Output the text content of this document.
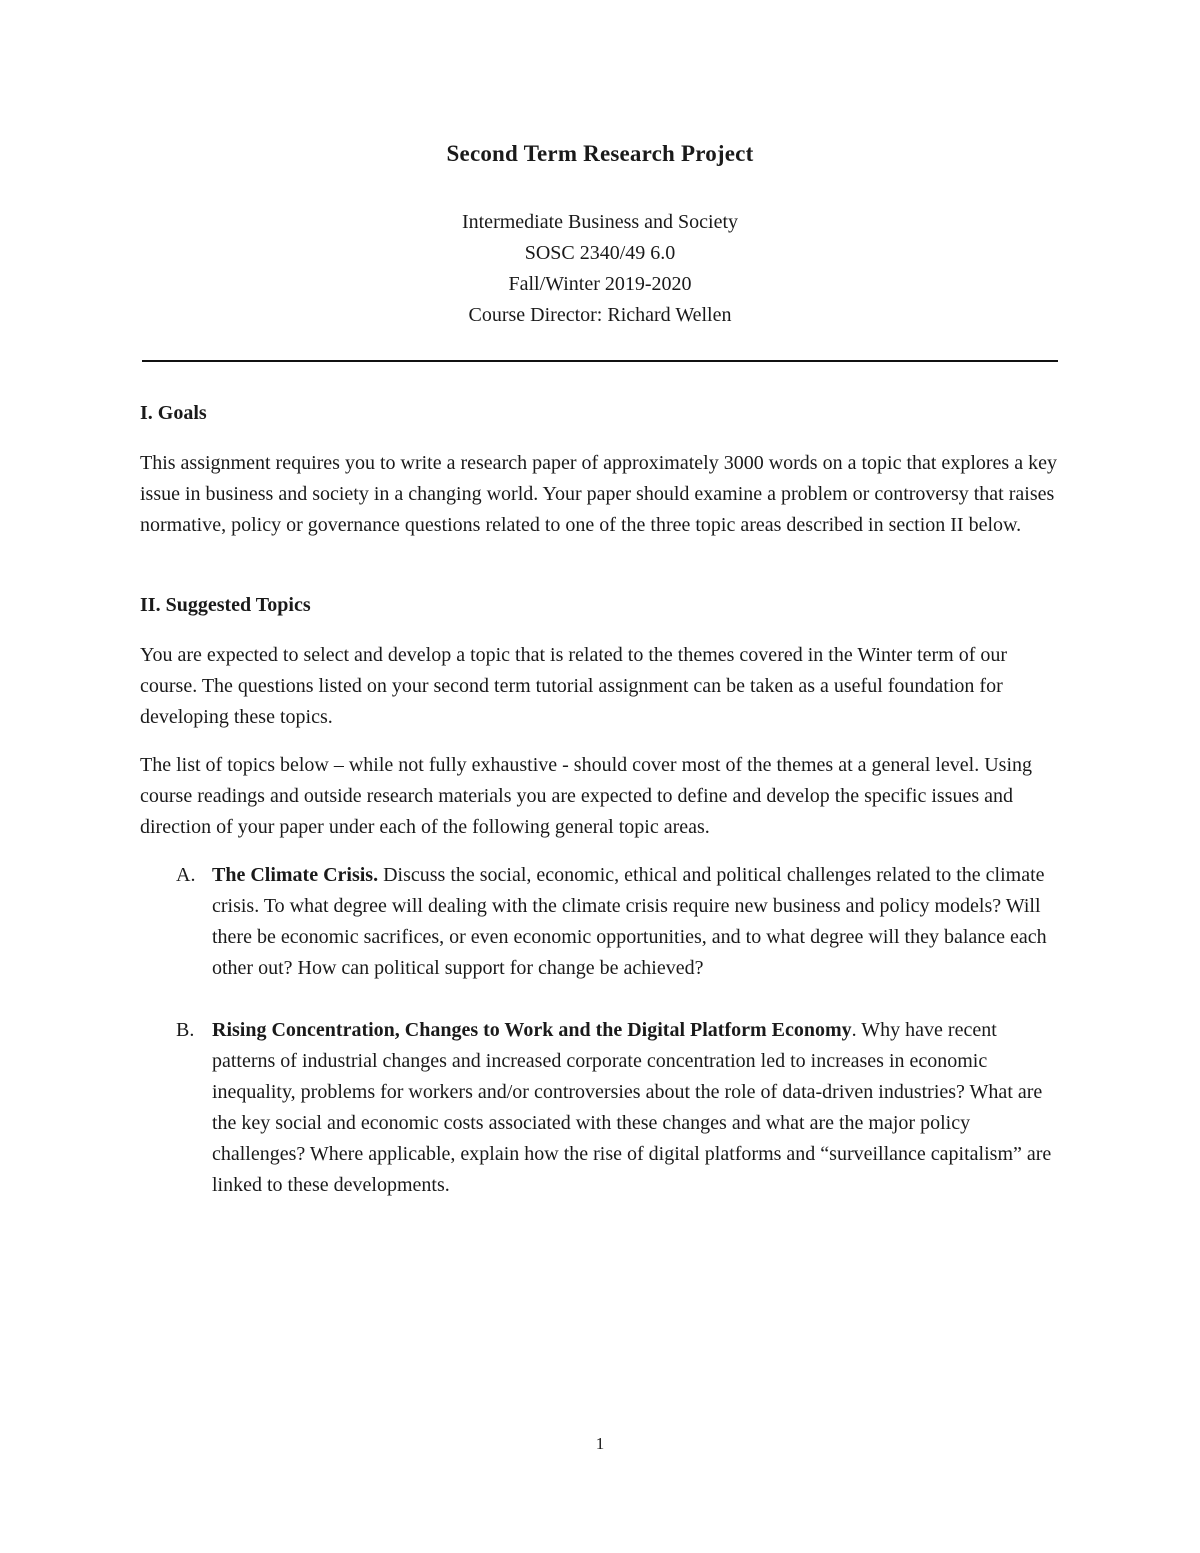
Second Term Research Project
Intermediate Business and Society
SOSC 2340/49 6.0
Fall/Winter 2019-2020
Course Director: Richard Wellen
I. Goals

This assignment requires you to write a research paper of approximately 3000 words on a topic that explores a key issue in business and society in a changing world. Your paper should examine a problem or controversy that raises normative, policy or governance questions related to one of the three topic areas described in section II below.

II. Suggested Topics

You are expected to select and develop a topic that is related to the themes covered in the Winter term of our course. The questions listed on your second term tutorial assignment can be taken as a useful foundation for developing these topics.

The list of topics below – while not fully exhaustive - should cover most of the themes at a general level. Using course readings and outside research materials you are expected to define and develop the specific issues and direction of your paper under each of the following general topic areas.

A. The Climate Crisis. Discuss the social, economic, ethical and political challenges related to the climate crisis. To what degree will dealing with the climate crisis require new business and policy models? Will there be economic sacrifices, or even economic opportunities, and to what degree will they balance each other out? How can political support for change be achieved?
B. Rising Concentration, Changes to Work and the Digital Platform Economy. Why have recent patterns of industrial changes and increased corporate concentration led to increases in economic inequality, problems for workers and/or controversies about the role of data-driven industries? What are the key social and economic costs associated with these changes and what are the major policy challenges? Where applicable, explain how the rise of digital platforms and “surveillance capitalism” are linked to these developments.
1
